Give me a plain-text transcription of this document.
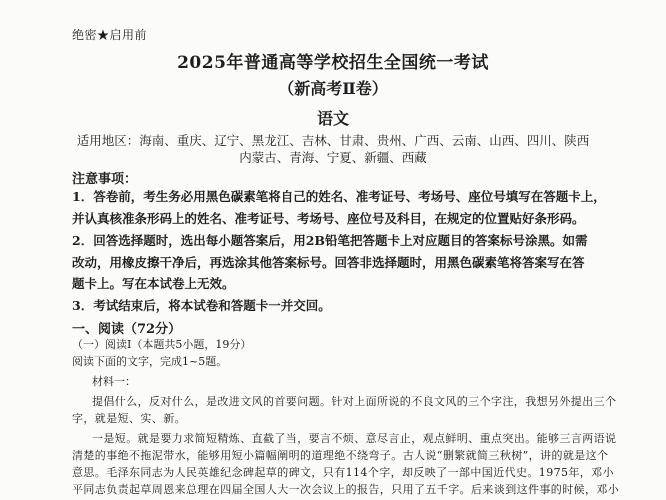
绝密★启用前
2025年普通高等学校招生全国统一考试
（新高考Ⅱ卷）
语文
适用地区：海南、重庆、辽宁、黑龙江、吉林、甘肃、贵州、广西、云南、山西、四川、陕西
内蒙古、青海、宁夏、新疆、西藏
注意事项：
1．答卷前，考生务必用黑色碳素笔将自己的姓名、准考证号、考场号、座位号填写在答题卡上，
并认真核准条形码上的姓名、准考证号、考场号、座位号及科目，在规定的位置贴好条形码。
2．回答选择题时，选出每小题答案后，用2B铅笔把答题卡上对应题目的答案标号涂黑。如需
改动，用橡皮擦干净后，再选涂其他答案标号。回答非选择题时，用黑色碳素笔将答案写在答
题卡上。写在本试卷上无效。
3．考试结束后，将本试卷和答题卡一并交回。
一、阅读（72分）
（一）阅读Ⅰ（本题共5小题，19分）
阅读下面的文字，完成1~5题。
材料一：
提倡什么，反对什么，是改进文风的首要问题。针对上面所说的不良文风的三个字注，我想另外提出三个
字，就是短、实、新。
一是短。就是要力求简短精炼、直截了当，要言不烦、意尽言止，观点鲜明、重点突出。能够三言两语说
清楚的事绝不拖泥带水，能够用短小篇幅阐明的道理绝不绕弯子。古人说“删繁就简三秋树”，讲的就是这个
意思。毛泽东同志为人民英雄纪念碑起草的碑文，只有114个字，却反映了一部中国近代史。1975年，邓小
平同志负责起草周恩来总理在四届全国人大一次会议上的报告，只用了五千字。后来谈到这件事的时候，邓小
